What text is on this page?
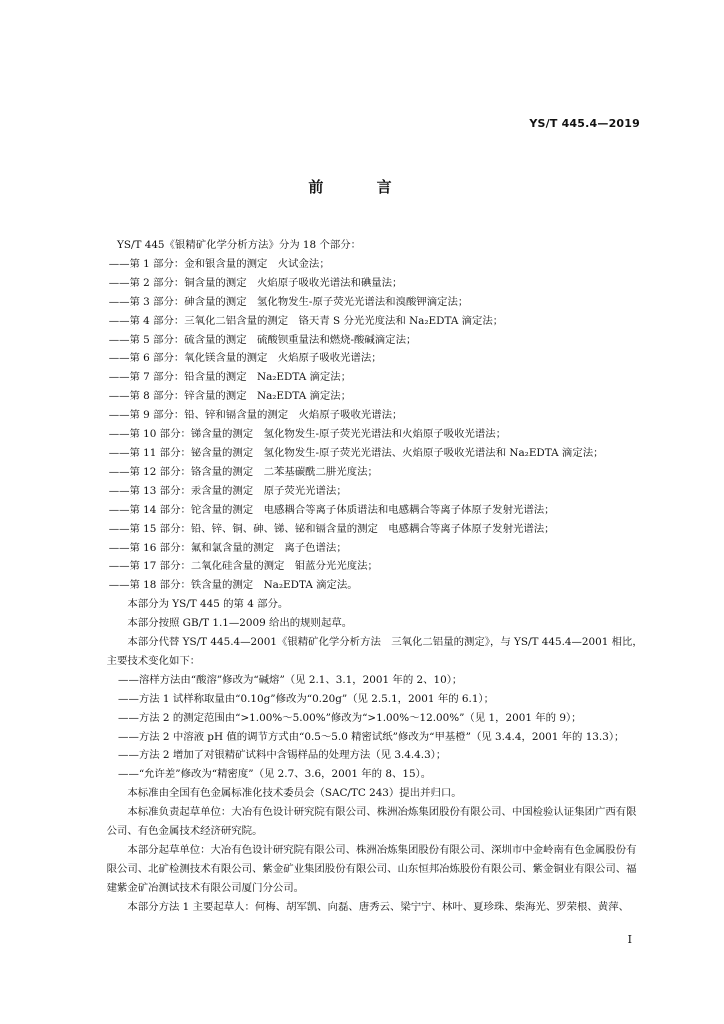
YS/T 445.4—2019
前 言

YS/T 445《银精矿化学分析方法》分为 18 个部分：

——第 1 部分：金和银含量的测定　火试金法；

——第 2 部分：铜含量的测定　火焰原子吸收光谱法和碘量法；

——第 3 部分：砷含量的测定　氢化物发生-原子荧光光谱法和溴酸钾滴定法；

——第 4 部分：三氧化二铝含量的测定　铬天青 S 分光光度法和 Na₂EDTA 滴定法；

——第 5 部分：硫含量的测定　硫酸钡重量法和燃烧-酸碱滴定法；

——第 6 部分：氧化镁含量的测定　火焰原子吸收光谱法；

——第 7 部分：铅含量的测定　Na₂EDTA 滴定法；

——第 8 部分：锌含量的测定　Na₂EDTA 滴定法；

——第 9 部分：铅、锌和镉含量的测定　火焰原子吸收光谱法；

——第 10 部分：锑含量的测定　氢化物发生-原子荧光光谱法和火焰原子吸收光谱法；

——第 11 部分：铋含量的测定　氢化物发生-原子荧光光谱法、火焰原子吸收光谱法和 Na₂EDTA 滴定法；

——第 12 部分：铬含量的测定　二苯基碳酰二肼光度法；

——第 13 部分：汞含量的测定　原子荧光光谱法；

——第 14 部分：铊含量的测定　电感耦合等离子体质谱法和电感耦合等离子体原子发射光谱法；

——第 15 部分：铅、锌、铜、砷、锑、铋和镉含量的测定　电感耦合等离子体原子发射光谱法；

——第 16 部分：氟和氯含量的测定　离子色谱法；

——第 17 部分：二氧化硅含量的测定　钼蓝分光光度法；

——第 18 部分：铁含量的测定　Na₂EDTA 滴定法。

本部分为 YS/T 445 的第 4 部分。

本部分按照 GB/T 1.1—2009 给出的规则起草。

本部分代替 YS/T 445.4—2001《银精矿化学分析方法　三氧化二铝量的测定》，与 YS/T 445.4—2001 相比，主要技术变化如下：

——溶样方法由“酸溶”修改为“碱熔”（见 2.1、3.1，2001 年的 2、10）；

——方法 1 试样称取量由“0.10g”修改为“0.20g”（见 2.5.1，2001 年的 6.1）；

——方法 2 的测定范围由“>1.00%～5.00%”修改为“>1.00%～12.00%”（见 1，2001 年的 9）；

——方法 2 中溶液 pH 值的调节方式由“0.5～5.0 精密试纸”修改为“甲基橙”（见 3.4.4，2001 年的 13.3）；

——方法 2 增加了对银精矿试料中含锡样品的处理方法（见 3.4.4.3）；

——“允许差”修改为“精密度”（见 2.7、3.6，2001 年的 8、15）。

本标准由全国有色金属标准化技术委员会（SAC/TC 243）提出并归口。

本标准负责起草单位：大冶有色设计研究院有限公司、株洲冶炼集团股份有限公司、中国检验认证集团广西有限公司、有色金属技术经济研究院。

本部分起草单位：大冶有色设计研究院有限公司、株洲冶炼集团股份有限公司、深圳市中金岭南有色金属股份有限公司、北矿检测技术有限公司、紫金矿业集团股份有限公司、山东恒邦冶炼股份有限公司、紫金铜业有限公司、福建紫金矿冶测试技术有限公司厦门分公司。

本部分方法 1 主要起草人：何梅、胡军凯、向磊、唐秀云、梁宁宁、林叶、夏珍珠、柴海光、罗荣根、黄萍、

I
